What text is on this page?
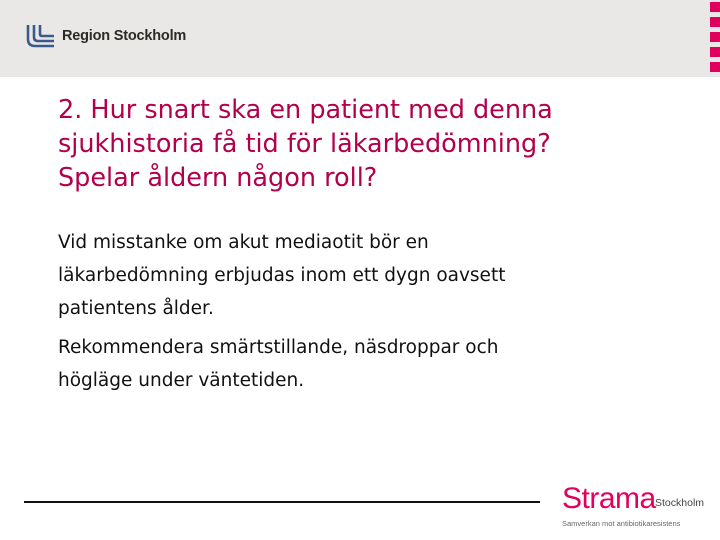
Region Stockholm
2. Hur snart ska en patient med denna
sjukhistoria få tid för läkarbedömning?
Spelar åldern någon roll?
Vid misstanke om akut mediaotit bör en
läkarbedömning erbjudas inom ett dygn oavsett
patientens ålder.
Rekommendera smärtstillande, näsdroppar och
högläge under väntetiden.
Strama Stockholm
Samverkan mot antibiotikaresistens
